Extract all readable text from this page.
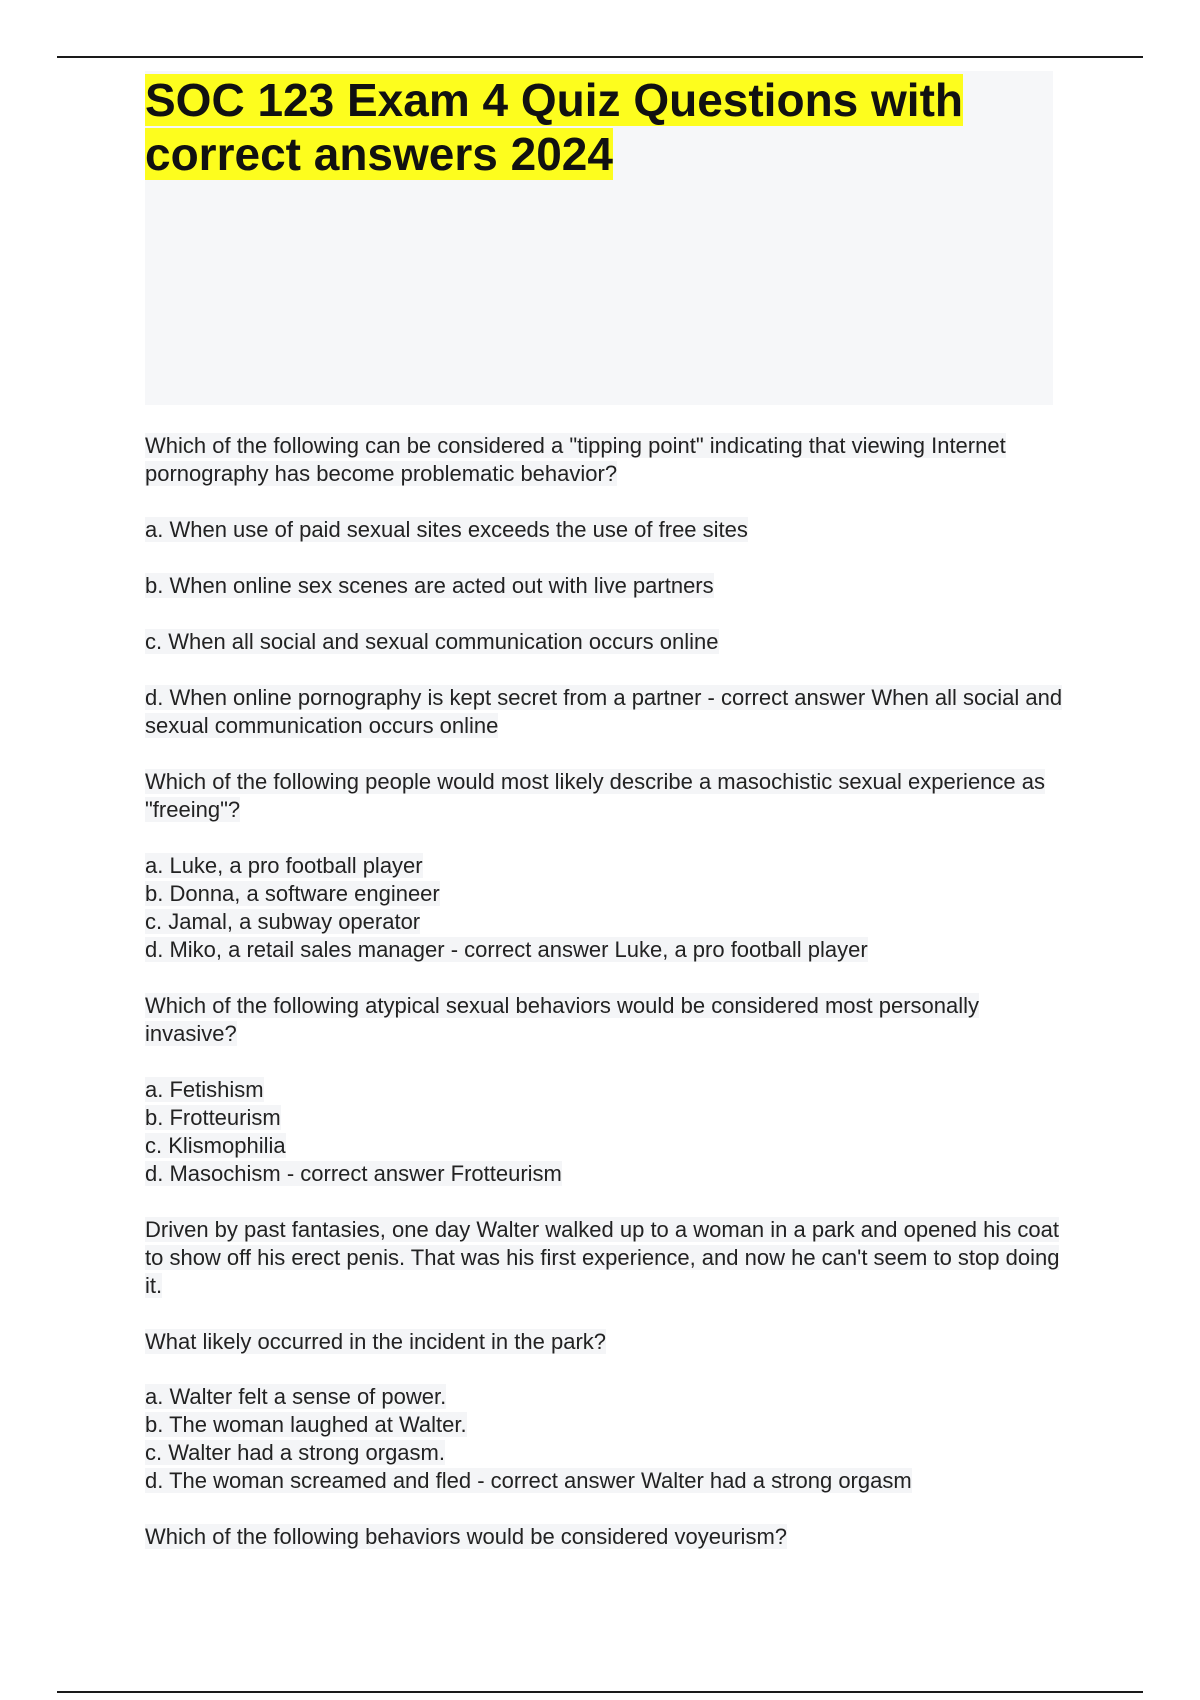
SOC 123 Exam 4 Quiz Questions with correct answers 2024

Which of the following can be considered a "tipping point" indicating that viewing Internet pornography has become problematic behavior?

a. When use of paid sexual sites exceeds the use of free sites

b. When online sex scenes are acted out with live partners

c. When all social and sexual communication occurs online

d. When online pornography is kept secret from a partner - correct answer When all social and sexual communication occurs online

Which of the following people would most likely describe a masochistic sexual experience as "freeing"?

a. Luke, a pro football player

b. Donna, a software engineer

c. Jamal, a subway operator

d. Miko, a retail sales manager - correct answer Luke, a pro football player

Which of the following atypical sexual behaviors would be considered most personally invasive?

a. Fetishism

b. Frotteurism

c. Klismophilia

d. Masochism - correct answer Frotteurism

Driven by past fantasies, one day Walter walked up to a woman in a park and opened his coat to show off his erect penis. That was his first experience, and now he can't seem to stop doing it.

What likely occurred in the incident in the park?

a. Walter felt a sense of power.

b. The woman laughed at Walter.

c. Walter had a strong orgasm.

d. The woman screamed and fled - correct answer Walter had a strong orgasm

Which of the following behaviors would be considered voyeurism?
